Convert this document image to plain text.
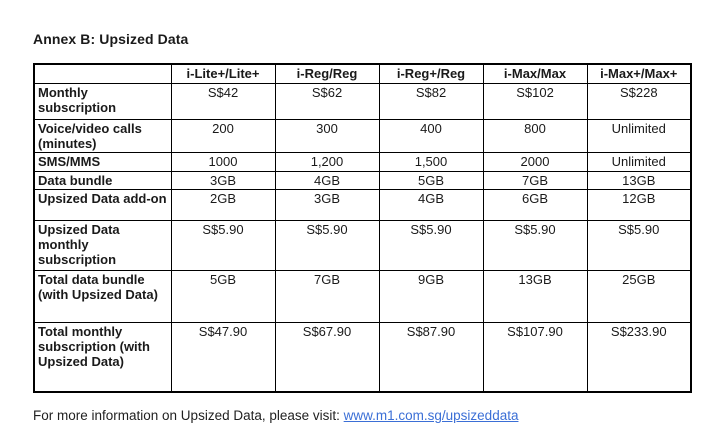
Annex B: Upsized Data
	i-Lite+/Lite+	i-Reg/Reg	i-Reg+/Reg	i-Max/Max	i-Max+/Max+
Monthly subscription	S$42	S$62	S$82	S$102	S$228
Voice/video calls (minutes)	200	300	400	800	Unlimited
SMS/MMS	1000	1,200	1,500	2000	Unlimited
Data bundle	3GB	4GB	5GB	7GB	13GB
Upsized Data add-on	2GB	3GB	4GB	6GB	12GB
Upsized Data monthly subscription	S$5.90	S$5.90	S$5.90	S$5.90	S$5.90
Total data bundle (with Upsized Data)	5GB	7GB	9GB	13GB	25GB
Total monthly subscription (with Upsized Data)	S$47.90	S$67.90	S$87.90	S$107.90	S$233.90
For more information on Upsized Data, please visit: www.m1.com.sg/upsizeddata
